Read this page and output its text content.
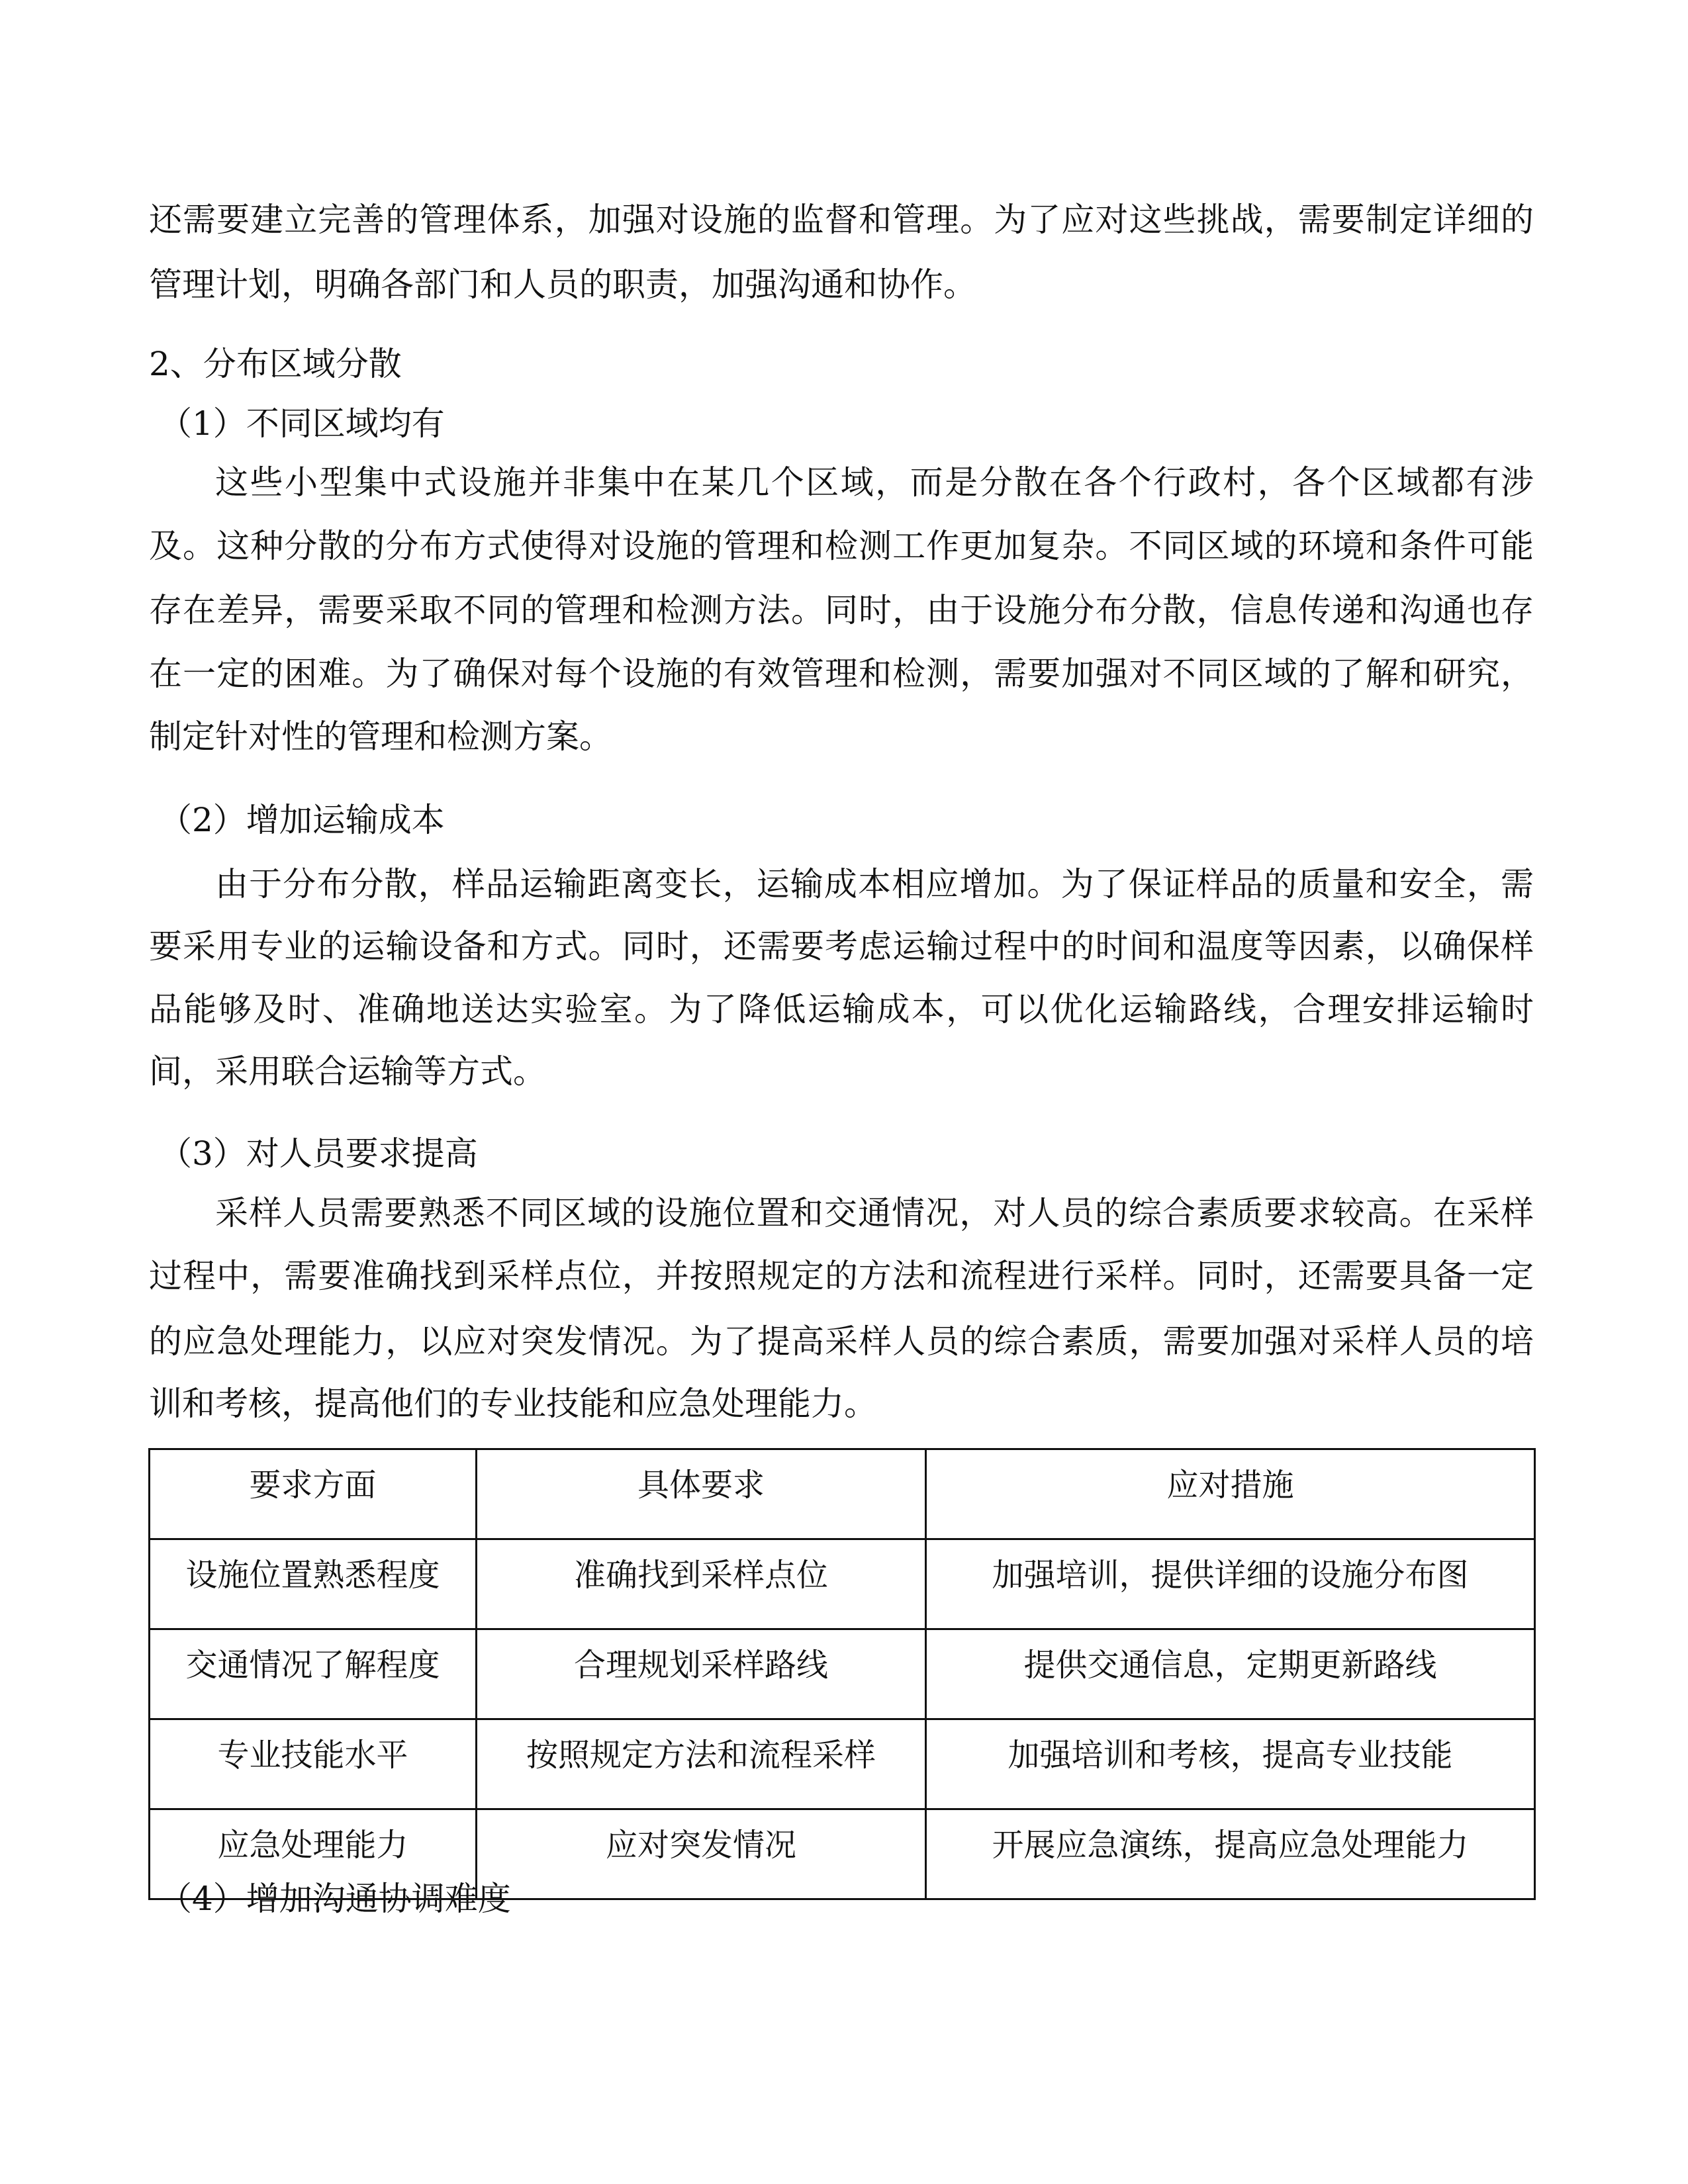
还需要建立完善的管理体系，加强对设施的监督和管理。为了应对这些挑战，需要制定详细的
管理计划，明确各部门和人员的职责，加强沟通和协作。
2、分布区域分散
（1）不同区域均有
这些小型集中式设施并非集中在某几个区域，而是分散在各个行政村，各个区域都有涉
及。这种分散的分布方式使得对设施的管理和检测工作更加复杂。不同区域的环境和条件可能
存在差异，需要采取不同的管理和检测方法。同时，由于设施分布分散，信息传递和沟通也存
在一定的困难。为了确保对每个设施的有效管理和检测，需要加强对不同区域的了解和研究，
制定针对性的管理和检测方案。
（2）增加运输成本
由于分布分散，样品运输距离变长，运输成本相应增加。为了保证样品的质量和安全，需
要采用专业的运输设备和方式。同时，还需要考虑运输过程中的时间和温度等因素，以确保样
品能够及时、准确地送达实验室。为了降低运输成本，可以优化运输路线，合理安排运输时
间，采用联合运输等方式。
（3）对人员要求提高
采样人员需要熟悉不同区域的设施位置和交通情况，对人员的综合素质要求较高。在采样
过程中，需要准确找到采样点位，并按照规定的方法和流程进行采样。同时，还需要具备一定
的应急处理能力，以应对突发情况。为了提高采样人员的综合素质，需要加强对采样人员的培
训和考核，提高他们的专业技能和应急处理能力。
要求方面	具体要求	应对措施
设施位置熟悉程度	准确找到采样点位	加强培训，提供详细的设施分布图
交通情况了解程度	合理规划采样路线	提供交通信息，定期更新路线
专业技能水平	按照规定方法和流程采样	加强培训和考核，提高专业技能
应急处理能力	应对突发情况	开展应急演练，提高应急处理能力
（4）增加沟通协调难度
